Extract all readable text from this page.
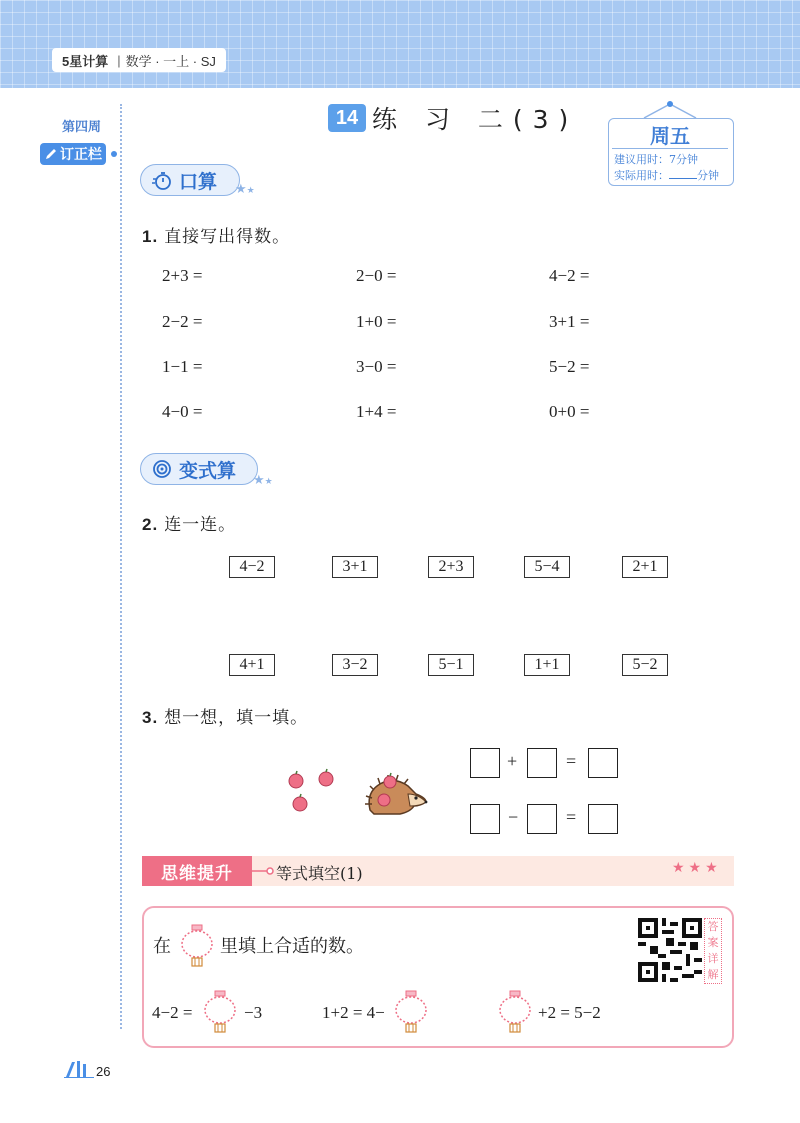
5星计算 | 数学 · 一上 · SJ
第四周
订正栏
14 练 习 二(3)
周五
建议用时：7分钟
实际用时：	分钟
口算 ★★
1. 直接写出得数。
2+3 =	2−0 =	4−2 =
2−2 =	1+0 =	3+1 =
1−1 =	3−0 =	5−2 =
4−0 =	1+4 =	0+0 =
变式算 ★★
2. 连一连。
4−2	3+1	2+3	5−4	2+1
4+1	3−2	5−1	1+1	5−2
3. 想一想，填一填。
+	=
−	=
思维提升	等式填空(1)	★★★
在	里填上合适的数。
答案详解
4−2 =	−3	1+2 = 4−	+2 = 5−2
26
